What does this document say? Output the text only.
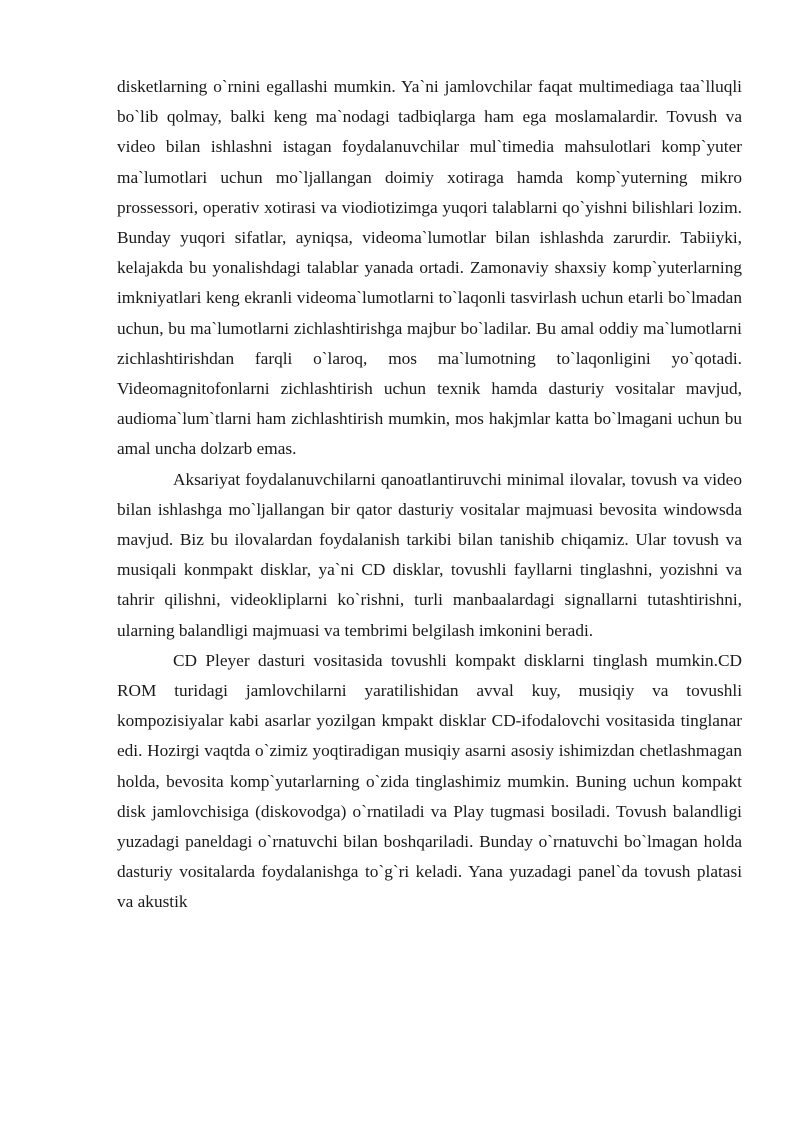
disketlarning o`rnini egallashi mumkin. Ya`ni jamlovchilar faqat multimediaga taa`lluqli bo`lib qolmay, balki keng ma`nodagi tadbiqlarga ham ega moslamalardir. Tovush va video bilan ishlashni istagan foydalanuvchilar mul`timedia mahsulotlari komp`yuter ma`lumotlari uchun mo`ljallangan doimiy xotiraga hamda komp`yuterning mikro prossessori, operativ xotirasi va viodiotizimga yuqori talablarni qo`yishni bilishlari lozim. Bunday yuqori sifatlar, ayniqsa, videoma`lumotlar bilan ishlashda zarurdir. Tabiiyki, kelajakda bu yonalishdagi talablar yanada ortadi. Zamonaviy shaxsiy komp`yuterlarning imkniyatlari keng ekranli videoma`lumotlarni to`laqonli tasvirlash uchun etarli bo`lmadan uchun, bu ma`lumotlarni zichlashtirishga majbur bo`ladilar. Bu amal oddiy ma`lumotlarni zichlashtirishdan farqli o`laroq, mos ma`lumotning to`laqonligini yo`qotadi. Videomagnitofonlarni zichlashtirish uchun texnik hamda dasturiy vositalar mavjud, audioma`lum`tlarni ham zichlashtirish mumkin, mos hakjmlar katta bo`lmagani uchun bu amal uncha dolzarb emas.

Aksariyat foydalanuvchilarni qanoatlantiruvchi minimal ilovalar, tovush va video bilan ishlashga mo`ljallangan bir qator dasturiy vositalar majmuasi bevosita windowsda mavjud. Biz bu ilovalardan foydalanish tarkibi bilan tanishib chiqamiz. Ular tovush va musiqali konmpakt disklar, ya`ni CD disklar, tovushli fayllarni tinglashni, yozishni va tahrir qilishni, videokliplarni ko`rishni, turli manbaalardagi signallarni tutashtirishni, ularning balandligi majmuasi va tembrimi belgilash imkonini beradi.

CD Pleyer dasturi vositasida tovushli kompakt disklarni tinglash mumkin.CD ROM turidagi jamlovchilarni yaratilishidan avval kuy, musiqiy va tovushli kompozisiyalar kabi asarlar yozilgan kmpakt disklar CD-ifodalovchi vositasida tinglanar edi. Hozirgi vaqtda o`zimiz yoqtiradigan musiqiy asarni asosiy ishimizdan chetlashmagan holda, bevosita komp`yutarlarning o`zida tinglashimiz mumkin. Buning uchun kompakt disk jamlovchisiga (diskovodga) o`rnatiladi va Play tugmasi bosiladi. Tovush balandligi yuzadagi paneldagi o`rnatuvchi bilan boshqariladi. Bunday o`rnatuvchi bo`lmagan holda dasturiy vositalarda foydalanishga to`g`ri keladi. Yana yuzadagi panel`da tovush platasi va akustik
